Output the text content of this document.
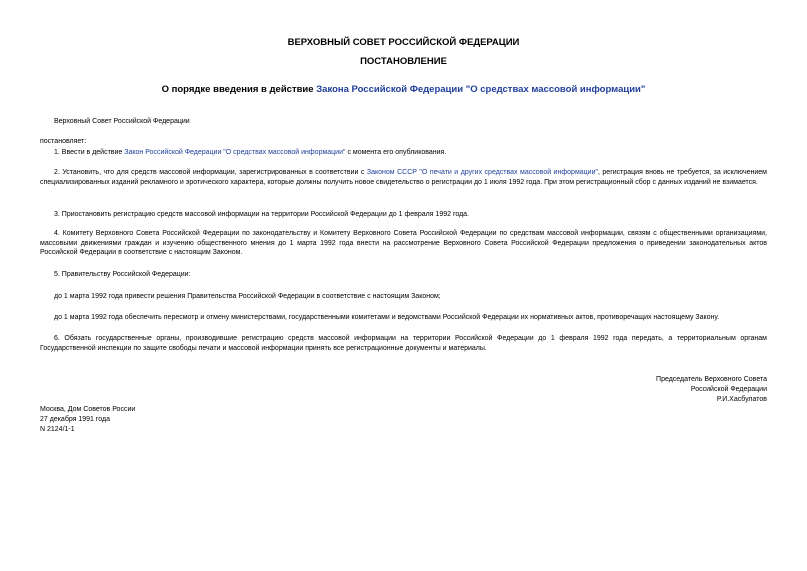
ВЕРХОВНЫЙ СОВЕТ РОССИЙСКОЙ ФЕДЕРАЦИИ
ПОСТАНОВЛЕНИЕ
О порядке введения в действие Закона Российской Федерации "О средствах массовой информации"
Верховный Совет Российской Федерации
постановляет:
1. Ввести в действие Закон Российской Федерации "О средствах массовой информации" с момента его опубликования.
2. Установить, что для средств массовой информации, зарегистрированных в соответствии с Законом СССР "О печати и других средствах массовой информации", регистрация вновь не требуется, за исключением специализированных изданий рекламного и эротического характера, которые должны получить новое свидетельство о регистрации до 1 июля 1992 года. При этом регистрационный сбор с данных изданий не взимается.
3. Приостановить регистрацию средств массовой информации на территории Российской Федерации до 1 февраля 1992 года.
4. Комитету Верховного Совета Российской Федерации по законодательству и Комитету Верховного Совета Российской Федерации по средствам массовой информации, связям с общественными организациями, массовыми движениями граждан и изучению общественного мнения до 1 марта 1992 года внести на рассмотрение Верховного Совета Российской Федерации предложения о приведении законодательных актов Российской Федерации в соответствие с настоящим Законом.
5. Правительству Российской Федерации:
до 1 марта 1992 года привести решения Правительства Российской Федерации в соответствие с настоящим Законом;
до 1 марта 1992 года обеспечить пересмотр и отмену министерствами, государственными комитетами и ведомствами Российской Федерации их нормативных актов, противоречащих настоящему Закону.
6. Обязать государственные органы, производившие регистрацию средств массовой информации на территории Российской Федерации до 1 февраля 1992 года передать, а территориальным органам Государственной инспекции по защите свободы печати и массовой информации принять все регистрационные документы и материалы.
Председатель Верховного Совета
Российской Федерации
Р.И.Хасбулатов
Москва, Дом Советов России
27 декабря 1991 года
N 2124/1-1
